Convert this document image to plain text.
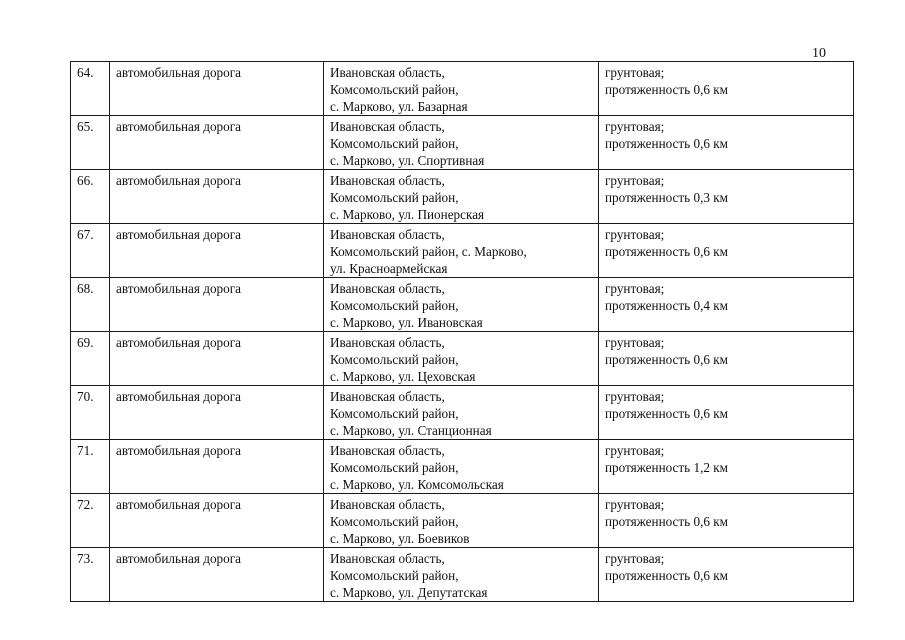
10
64.	автомобильная дорога	Ивановская область,
Комсомольский район,
с. Марково, ул. Базарная	грунтовая;
протяженность 0,6 км

65.	автомобильная дорога	Ивановская область,
Комсомольский район,
с. Марково, ул. Спортивная	грунтовая;
протяженность 0,6 км

66.	автомобильная дорога	Ивановская область,
Комсомольский район,
с. Марково, ул. Пионерская	грунтовая;
протяженность 0,3 км

67.	автомобильная дорога	Ивановская область,
Комсомольский район, с. Марково,
ул. Красноармейская	грунтовая;
протяженность 0,6 км

68.	автомобильная дорога	Ивановская область,
Комсомольский район,
с. Марково, ул. Ивановская	грунтовая;
протяженность 0,4 км

69.	автомобильная дорога	Ивановская область,
Комсомольский район,
с. Марково, ул. Цеховская	грунтовая;
протяженность 0,6 км

70.	автомобильная дорога	Ивановская область,
Комсомольский район,
с. Марково, ул. Станционная	грунтовая;
протяженность 0,6 км

71.	автомобильная дорога	Ивановская область,
Комсомольский район,
с. Марково, ул. Комсомольская	грунтовая;
протяженность 1,2 км

72.	автомобильная дорога	Ивановская область,
Комсомольский район,
с. Марково, ул. Боевиков	грунтовая;
протяженность 0,6 км

73.	автомобильная дорога	Ивановская область,
Комсомольский район,
с. Марково, ул. Депутатская	грунтовая;
протяженность 0,6 км
